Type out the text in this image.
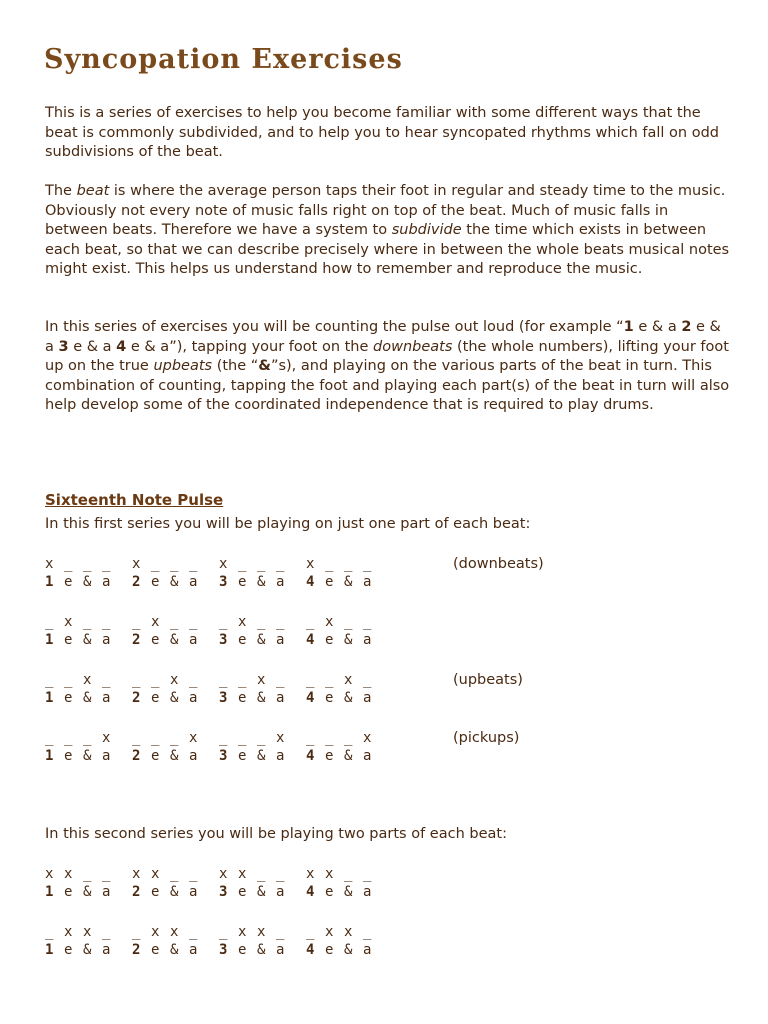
Syncopation Exercises

This is a series of exercises to help you become familiar with some different ways that the beat is commonly subdivided, and to help you to hear syncopated rhythms which fall on odd subdivisions of the beat.

The beat is where the average person taps their foot in regular and steady time to the music. Obviously not every note of music falls right on top of the beat. Much of music falls in between beats. Therefore we have a system to subdivide the time which exists in between each beat, so that we can describe precisely where in between the whole beats musical notes might exist. This helps us understand how to remember and reproduce the music.

In this series of exercises you will be counting the pulse out loud (for example “1 e & a 2 e & a 3 e & a 4 e & a”), tapping your foot on the downbeats (the whole numbers), lifting your foot up on the true upbeats (the “&”s), and playing on the various parts of the beat in turn. This combination of counting, tapping the foot and playing each part(s) of the beat in turn will also help develop some of the coordinated independence that is required to play drums.

Sixteenth Note Pulse

In this first series you will be playing on just one part of each beat:

x _ _ _
1 e & a
x _ _ _
2 e & a
x _ _ _
3 e & a
x _ _ _
4 e & a
(downbeats)
_ x _ _
1 e & a
_ x _ _
2 e & a
_ x _ _
3 e & a
_ x _ _
4 e & a
_ _ x _
1 e & a
_ _ x _
2 e & a
_ _ x _
3 e & a
_ _ x _
4 e & a
(upbeats)
_ _ _ x
1 e & a
_ _ _ x
2 e & a
_ _ _ x
3 e & a
_ _ _ x
4 e & a
(pickups)
x x _ _
1 e & a
x x _ _
2 e & a
x x _ _
3 e & a
x x _ _
4 e & a
_ x x _
1 e & a
_ x x _
2 e & a
_ x x _
3 e & a
_ x x _
4 e & a

In this second series you will be playing two parts of each beat:
